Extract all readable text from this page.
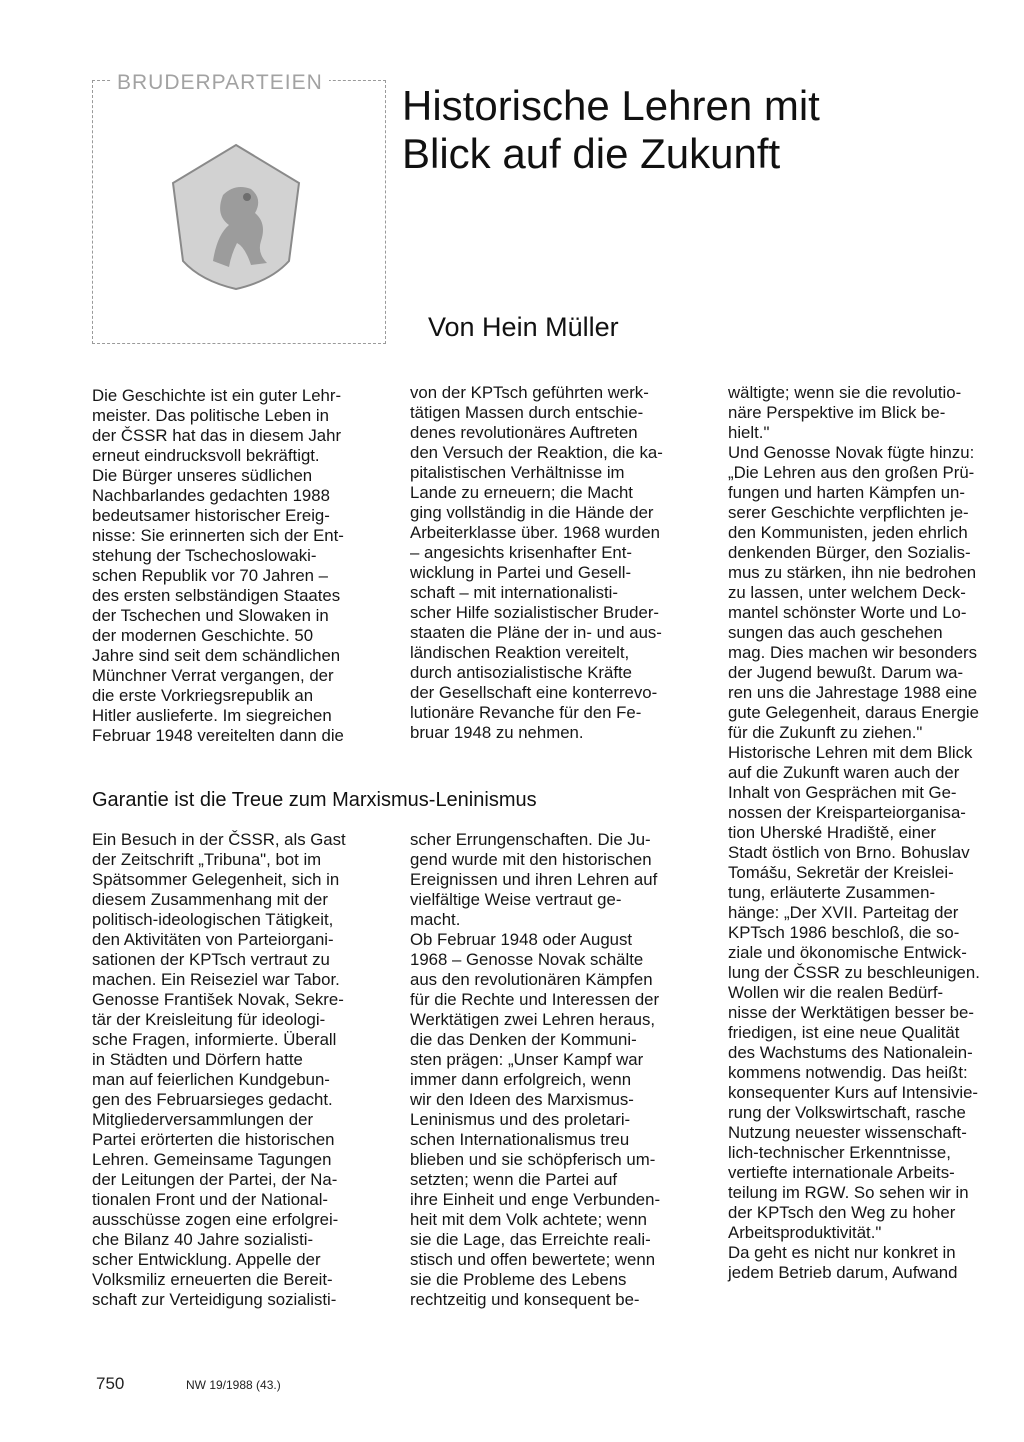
BRUDERPARTEIEN Historische Lehren mit
Blick auf die Zukunft

Von Hein Müller

Die Geschichte ist ein guter Lehr-

meister. Das politische Leben in

der ČSSR hat das in diesem Jahr

erneut eindrucksvoll bekräftigt.

Die Bürger unseres südlichen

Nachbarlandes gedachten 1988

bedeutsamer historischer Ereig-

nisse: Sie erinnerten sich der Ent-

stehung der Tschechoslowaki-

schen Republik vor 70 Jahren –

des ersten selbständigen Staates

der Tschechen und Slowaken in

der modernen Geschichte. 50

Jahre sind seit dem schändlichen

Münchner Verrat vergangen, der

die erste Vorkriegsrepublik an

Hitler auslieferte. Im siegreichen

Februar 1948 vereitelten dann die

von der KPTsch geführten werk-

tätigen Massen durch entschie-

denes revolutionäres Auftreten

den Versuch der Reaktion, die ka-

pitalistischen Verhältnisse im

Lande zu erneuern; die Macht

ging vollständig in die Hände der

Arbeiterklasse über. 1968 wurden

– angesichts krisenhafter Ent-

wicklung in Partei und Gesell-

schaft – mit internationalisti-

scher Hilfe sozialistischer Bruder-

staaten die Pläne der in- und aus-

ländischen Reaktion vereitelt,

durch antisozialistische Kräfte

der Gesellschaft eine konterrevo-

lutionäre Revanche für den Fe-

bruar 1948 zu nehmen.

wältigte; wenn sie die revolutio-

näre Perspektive im Blick be-

hielt."

Und Genosse Novak fügte hinzu:

„Die Lehren aus den großen Prü-

fungen und harten Kämpfen un-

serer Geschichte verpflichten je-

den Kommunisten, jeden ehrlich

denkenden Bürger, den Sozialis-

mus zu stärken, ihn nie bedrohen

zu lassen, unter welchem Deck-

mantel schönster Worte und Lo-

sungen das auch geschehen

mag. Dies machen wir besonders

der Jugend bewußt. Darum wa-

ren uns die Jahrestage 1988 eine

gute Gelegenheit, daraus Energie

für die Zukunft zu ziehen."

Historische Lehren mit dem Blick

auf die Zukunft waren auch der

Inhalt von Gesprächen mit Ge-

nossen der Kreisparteiorganisa-

tion Uherské Hradiště, einer

Stadt östlich von Brno. Bohuslav

Tomášu, Sekretär der Kreislei-

tung, erläuterte Zusammen-

hänge: „Der XVII. Parteitag der

KPTsch 1986 beschloß, die so-

ziale und ökonomische Entwick-

lung der ČSSR zu beschleunigen.

Wollen wir die realen Bedürf-

nisse der Werktätigen besser be-

friedigen, ist eine neue Qualität

des Wachstums des Nationalein-

kommens notwendig. Das heißt:

konsequenter Kurs auf Intensivie-

rung der Volkswirtschaft, rasche

Nutzung neuester wissenschaft-

lich-technischer Erkenntnisse,

vertiefte internationale Arbeits-

teilung im RGW. So sehen wir in

der KPTsch den Weg zu hoher

Arbeitsproduktivität."

Da geht es nicht nur konkret in

jedem Betrieb darum, Aufwand

Garantie ist die Treue zum Marxismus-Leninismus

Ein Besuch in der ČSSR, als Gast

der Zeitschrift „Tribuna", bot im

Spätsommer Gelegenheit, sich in

diesem Zusammenhang mit der

politisch-ideologischen Tätigkeit,

den Aktivitäten von Parteiorgani-

sationen der KPTsch vertraut zu

machen. Ein Reiseziel war Tabor.

Genosse František Novak, Sekre-

tär der Kreisleitung für ideologi-

sche Fragen, informierte. Überall

in Städten und Dörfern hatte

man auf feierlichen Kundgebun-

gen des Februarsieges gedacht.

Mitgliederversammlungen der

Partei erörterten die historischen

Lehren. Gemeinsame Tagungen

der Leitungen der Partei, der Na-

tionalen Front und der National-

ausschüsse zogen eine erfolgrei-

che Bilanz 40 Jahre sozialisti-

scher Entwicklung. Appelle der

Volksmiliz erneuerten die Bereit-

schaft zur Verteidigung sozialisti-

scher Errungenschaften. Die Ju-

gend wurde mit den historischen

Ereignissen und ihren Lehren auf

vielfältige Weise vertraut ge-

macht.

Ob Februar 1948 oder August

1968 – Genosse Novak schälte

aus den revolutionären Kämpfen

für die Rechte und Interessen der

Werktätigen zwei Lehren heraus,

die das Denken der Kommuni-

sten prägen: „Unser Kampf war

immer dann erfolgreich, wenn

wir den Ideen des Marxismus-

Leninismus und des proletari-

schen Internationalismus treu

blieben und sie schöpferisch um-

setzten; wenn die Partei auf

ihre Einheit und enge Verbunden-

heit mit dem Volk achtete; wenn

sie die Lage, das Erreichte reali-

stisch und offen bewertete; wenn

sie die Probleme des Lebens

rechtzeitig und konsequent be-

750	NW 19/1988 (43.)
